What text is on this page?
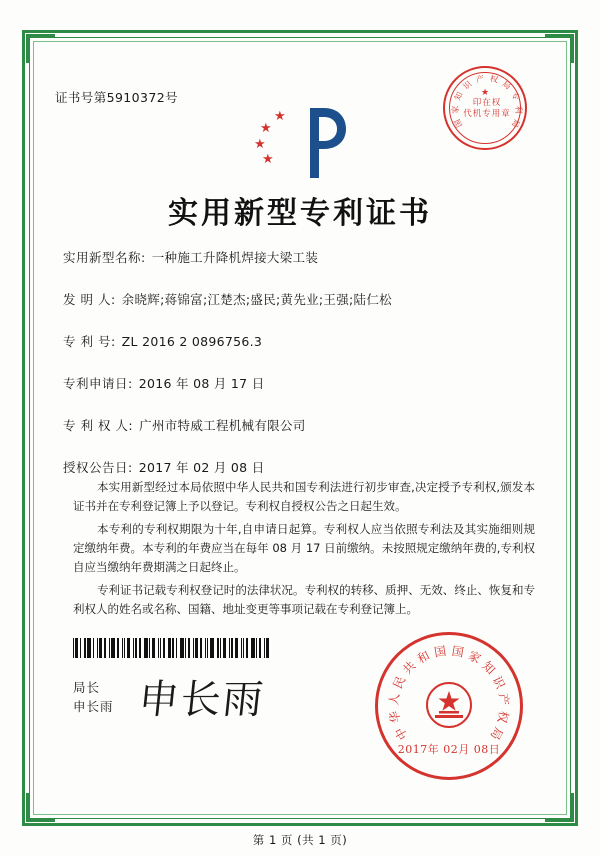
证书号第5910372号
国
家
知
识 产 权 局
专
利
局
★
印在权
代机专用章
★
★
★
★
实用新型专利证书
实用新型名称: 一种施工升降机焊接大梁工装
发 明 人: 余晓辉;蒋锦富;江楚杰;盛民;黄先业;王强;陆仁松
专 利 号: ZL 2016 2 0896756.3
专利申请日: 2016 年 08 月 17 日
专 利 权 人: 广州市特威工程机械有限公司
授权公告日: 2017 年 02 月 08 日

本实用新型经过本局依照中华人民共和国专利法进行初步审查,决定授予专利权,颁发本证书并在专利登记簿上予以登记。专利权自授权公告之日起生效。

本专利的专利权期限为十年,自申请日起算。专利权人应当依照专利法及其实施细则规定缴纳年费。本专利的年费应当在每年 08 月 17 日前缴纳。未按照规定缴纳年费的,专利权自应当缴纳年费期满之日起终止。

专利证书记载专利权登记时的法律状况。专利权的转移、质押、无效、终止、恢复和专利权人的姓名或名称、国籍、地址变更等事项记载在专利登记簿上。

局长
申长雨 申长雨
中
华
人
民
共
和 国 国 家
知
识
产
权
局
2017年 02月 08日
第 1 页 (共 1 页)
